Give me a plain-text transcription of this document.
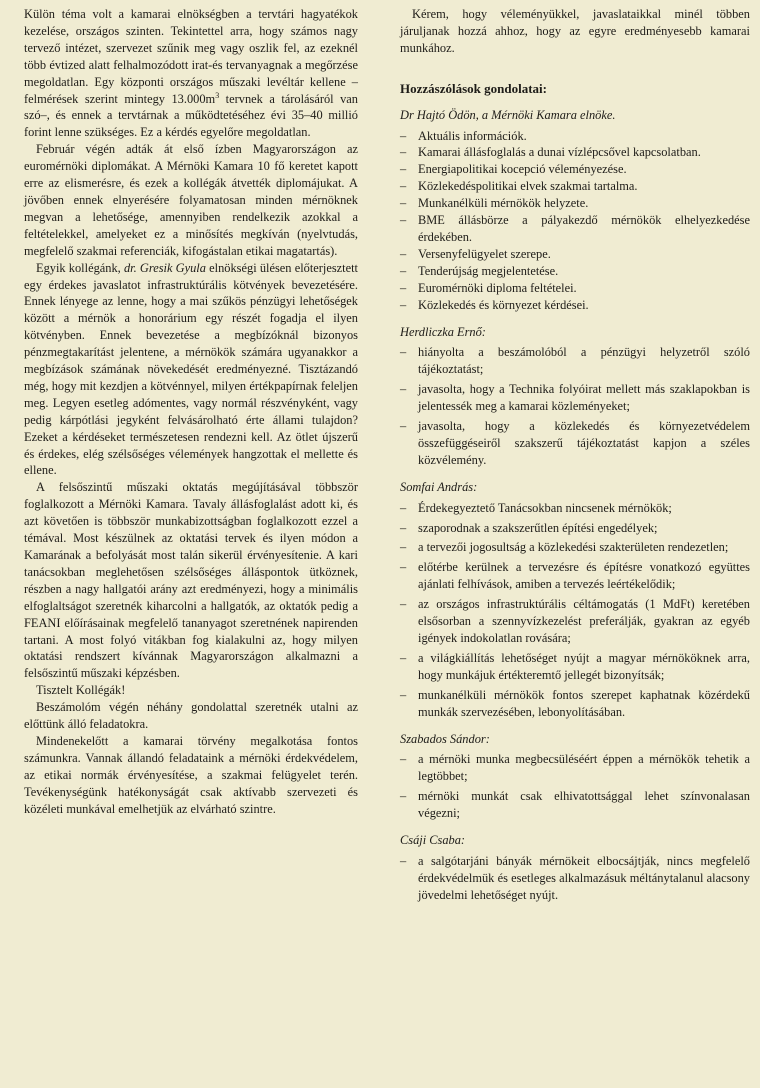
Külön téma volt a kamarai elnökségben a tervtári hagyatékok kezelése, országos szinten. Tekintettel arra, hogy számos nagy tervező intézet, szervezet szűnik meg vagy oszlik fel, az ezeknél több évtized alatt felhalmozódott irat-és tervanyagnak a megőrzése megoldatlan. Egy központi országos műszaki levéltár kellene –felmérések szerint mintegy $13.000m^3$ tervnek a tárolásáról van szó–, és ennek a tervtárnak a működtetéséhez évi 35–40 millió forint lenne szükséges. Ez a kérdés egyelőre megoldatlan.

Február végén adták át első ízben Magyarországon az euromérnöki diplomákat. A Mérnöki Kamara 10 fő keretet kapott erre az elismerésre, és ezek a kollégák átvették diplomájukat. A jövőben ennek elnyerésére folyamatosan minden mérnöknek megvan a lehetősége, amennyiben rendelkezik azokkal a feltételekkel, amelyeket ez a minősítés megkíván (nyelvtudás, megfelelő szakmai referenciák, kifogástalan etikai magatartás).

Egyik kollégánk, dr. Gresik Gyula elnökségi ülésen előterjesztett egy érdekes javaslatot infrastruktúrális kötvények bevezetésére. Ennek lényege az lenne, hogy a mai szűkös pénzügyi lehetőségek között a mérnök a honorárium egy részét fogadja el ilyen kötvényben. Ennek bevezetése a megbízóknál bizonyos pénzmegtakarítást jelentene, a mérnökök számára ugyanakkor a megbízások számának növekedését eredményezné. Tisztázandó még, hogy mit kezdjen a kötvénnyel, milyen értékpapírnak feleljen meg. Legyen esetleg adómentes, vagy normál részvényként, vagy pedig kárpótlási jegyként felvásárolható érte állami tulajdon? Ezeket a kérdéseket természetesen rendezni kell. Az ötlet újszerű és érdekes, elég szélsőséges vélemények hangzottak el mellette és ellene.

A felsőszintű műszaki oktatás megújításával többször foglalkozott a Mérnöki Kamara. Tavaly állásfoglalást adott ki, és azt követően is többször munkabizottságban foglalkozott ezzel a témával. Most készülnek az oktatási tervek és ilyen módon a Kamarának a befolyását most talán sikerül érvényesítenie. A kari tanácsokban meglehetősen szélsőséges álláspontok ütköznek, részben a nagy hallgatói arány azt eredményezi, hogy a minimális elfoglaltságot szeretnék kiharcolni a hallgatók, az oktatók pedig a FEANI előírásainak megfelelő tananyagot szeretnének napirenden tartani. A most folyó vitákban fog kialakulni az, hogy milyen oktatási rendszert kívánnak Magyarországon alkalmazni a felsőszintű műszaki képzésben.

Tisztelt Kollégák!

Beszámolóm végén néhány gondolattal szeretnék utalni az előttünk álló feladatokra.

Mindenekelőtt a kamarai törvény megalkotása fontos számunkra. Vannak állandó feladataink a mérnöki érdekvédelem, az etikai normák érvényesítése, a szakmai felügyelet terén. Tevékenységünk hatékonyságát csak aktívabb szervezeti és közéleti munkával emelhetjük az elvárható szintre.

Kérem, hogy véleményükkel, javaslataikkal minél többen járuljanak hozzá ahhoz, hogy az egyre eredményesebb kamarai munkához.

Hozzászólások gondolatai:

Dr Hajtó Ödön, a Mérnöki Kamara elnöke.

– Aktuális információk.
– Kamarai állásfoglalás a dunai vízlépcsővel kapcsolatban.
– Energiapolitikai kocepció véleményezése.
– Közlekedéspolitikai elvek szakmai tartalma.
– Munkanélküli mérnökök helyzete.
– BME állásbörze a pályakezdő mérnökök elhelyezkedése érdekében.
– Versenyfelügyelet szerepe.
– Tenderújság megjelentetése.
– Euromérnöki diploma feltételei.
– Közlekedés és környezet kérdései.

Herdliczka Ernő:

– hiányolta a beszámolóból a pénzügyi helyzetről szóló tájékoztatást;
– javasolta, hogy a Technika folyóirat mellett más szaklapokban is jelentessék meg a kamarai közleményeket;
– javasolta, hogy a közlekedés és környezetvédelem összefüggéseiről szakszerű tájékoztatást kapjon a széles közvélemény.

Somfai András:

– Érdekegyeztető Tanácsokban nincsenek mérnökök;
– szaporodnak a szakszerűtlen építési engedélyek;
– a tervezői jogosultság a közlekedési szakterületen rendezetlen;
– előtérbe kerülnek a tervezésre és építésre vonatkozó együttes ajánlati felhívások, amiben a tervezés leértékelődik;
– az országos infrastruktúrális céltámogatás (1 MdFt) keretében elsősorban a szennyvízkezelést preferálják, gyakran az egyéb igények indokolatlan rovására;
– a világkiállítás lehetőséget nyújt a magyar mérnököknek arra, hogy munkájuk értékteremtő jellegét bizonyítsák;
– munkanélküli mérnökök fontos szerepet kaphatnak közérdekű munkák szervezésében, lebonyolításában.

Szabados Sándor:

– a mérnöki munka megbecsüléséért éppen a mérnökök tehetik a legtöbbet;
– mérnöki munkát csak elhivatottsággal lehet színvonalasan végezni;

Csáji Csaba:

– a salgótarjáni bányák mérnökeit elbocsájtják, nincs megfelelő érdekvédelmük és esetleges alkalmazásuk méltánytalanul alacsony jövedelmi lehetőséget nyújt.
